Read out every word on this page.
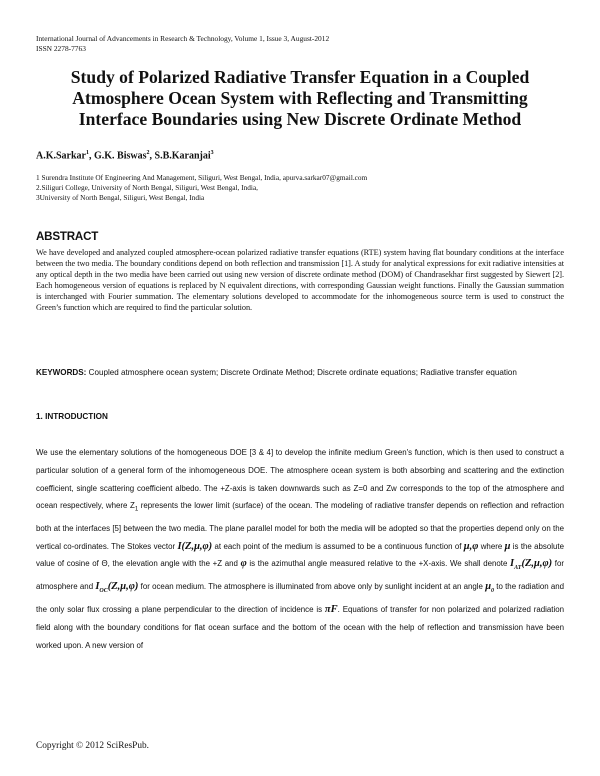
International Journal of Advancements in Research & Technology, Volume 1, Issue 3, August-2012
ISSN 2278-7763
Study of Polarized Radiative Transfer Equation in a Coupled Atmosphere Ocean System with Reflecting and Transmitting Interface Boundaries using New Discrete Ordinate Method
A.K.Sarkar$^1$, G.K. Biswas$^2$, S.B.Karanjai$^3$
1 Surendra Institute Of Engineering And Management, Siliguri, West Bengal, India, apurva.sarkar07@gmail.com
2.Siliguri College, University of North Bengal, Siliguri, West Bengal, India,
3University of North Bengal, Siliguri, West Bengal, India
ABSTRACT
We have developed and analyzed coupled atmosphere-ocean polarized radiative transfer equations (RTE) system having flat boundary conditions at the interface between the two media. The boundary conditions depend on both reflection and transmission [1]. A study for analytical expressions for exit radiative intensities at any optical depth in the two media have been carried out using new version of discrete ordinate method (DOM) of Chandrasekhar first suggested by Siewert [2]. Each homogeneous version of equations is replaced by N equivalent directions, with corresponding Gaussian weight functions. Finally the Gaussian summation is interchanged with Fourier summation. The elementary solutions developed to accommodate for the inhomogeneous source term is used to construct the Green’s function which are required to find the particular solution.
KEYWORDS: Coupled atmosphere ocean system; Discrete Ordinate Method; Discrete ordinate equations; Radiative transfer equation
1. INTRODUCTION
We use the elementary solutions of the homogeneous DOE [3 & 4] to develop the infinite medium Green's function, which is then used to construct a particular solution of a general form of the inhomogeneous DOE. The atmosphere ocean system is both absorbing and scattering and the extinction coefficient, single scattering coefficient albedo. The +Z-axis is taken downwards such as Z=0 and Zw corresponds to the top of the atmosphere and ocean respectively, where $Z_1$ represents the lower limit (surface) of the ocean. The modeling of radiative transfer depends on reflection and refraction both at the interfaces [5] between the two media. The plane parallel model for both the media will be adopted so that the properties depend only on the vertical co-ordinates. The Stokes vector I(Z,μ,φ) at each point of the medium is assumed to be a continuous function of μ,φ where μ is the absolute value of cosine of Θ, the elevation angle with the +Z and φ is the azimuthal angle measured relative to the +X-axis. We shall denote $I_{AT}(Z,\mu,\varphi)$ for atmosphere and $I_{OC}(Z,\mu,\varphi)$ for ocean medium. The atmosphere is illuminated from above only by sunlight incident at an angle $\mu_0$ to the radiation and the only solar flux crossing a plane perpendicular to the direction of incidence is πF. Equations of transfer for non polarized and polarized radiation field along with the boundary conditions for flat ocean surface and the bottom of the ocean with the help of reflection and transmission have been worked upon. A new version of
Copyright © 2012 SciResPub.
